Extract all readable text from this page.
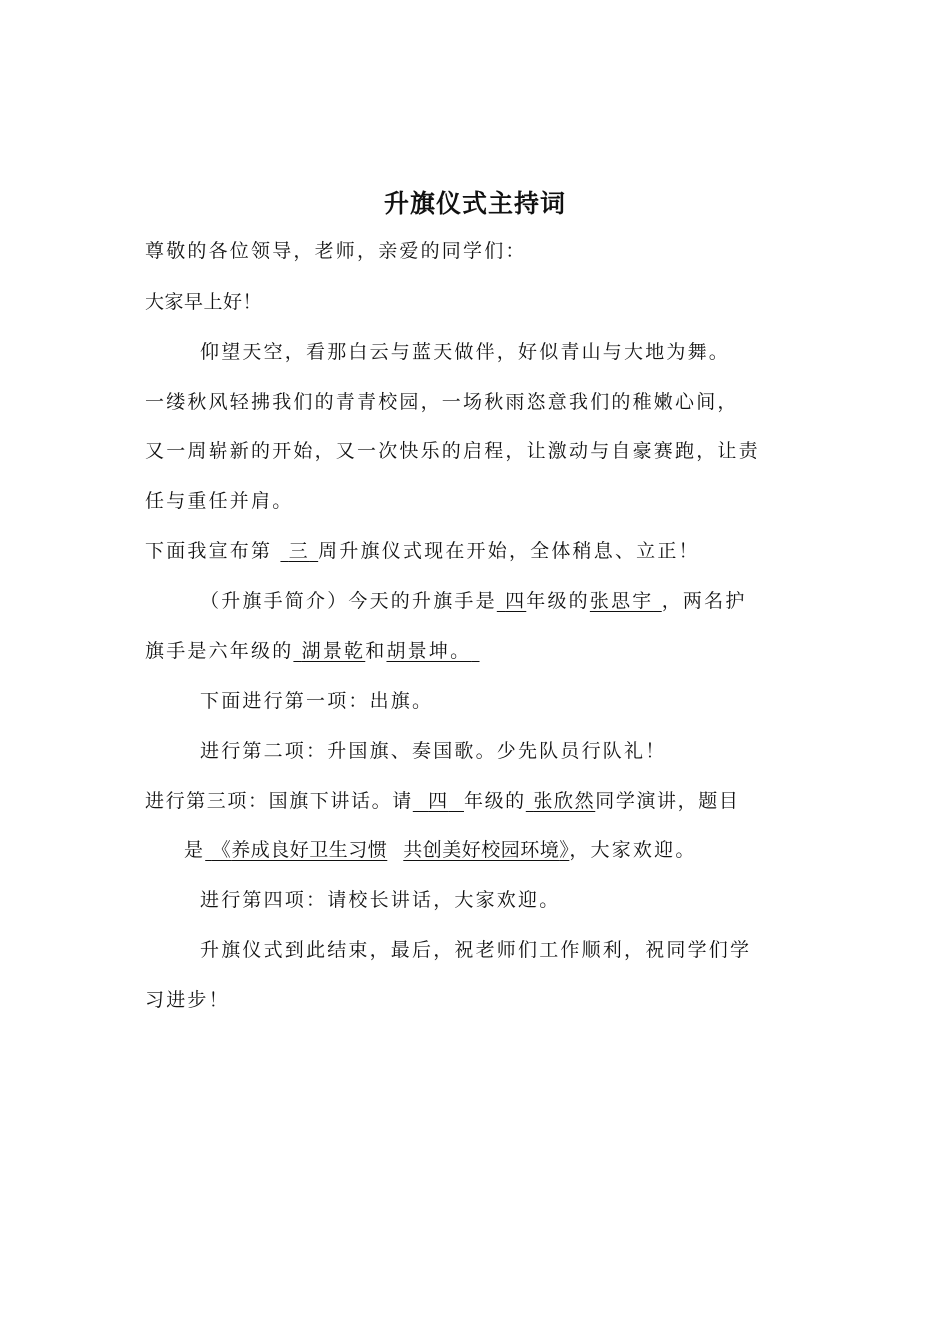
升旗仪式主持词
尊敬的各位领导，老师，亲爱的同学们：
大家早上好！
仰望天空，看那白云与蓝天做伴，好似青山与大地为舞。
一缕秋风轻拂我们的青青校园，一场秋雨恣意我们的稚嫩心间，
又一周崭新的开始，又一次快乐的启程，让激动与自豪赛跑，让责
任与重任并肩。
下面我宣布第 三 周升旗仪式现在开始，全体稍息、立正！
（升旗手简介）今天的升旗手是 四年级的张思宇 ，两名护
旗手是六年级的 湖景乾和胡景坤。
下面进行第一项：出旗。
进行第二项：升国旗、奏国歌。少先队员行队礼！
进行第三项：国旗下讲话。请 四 年级的 张欣然同学演讲，题目
是 《养成良好卫生习惯 共创美好校园环境》，大家欢迎。
进行第四项：请校长讲话，大家欢迎。
升旗仪式到此结束，最后，祝老师们工作顺利，祝同学们学
习进步！
